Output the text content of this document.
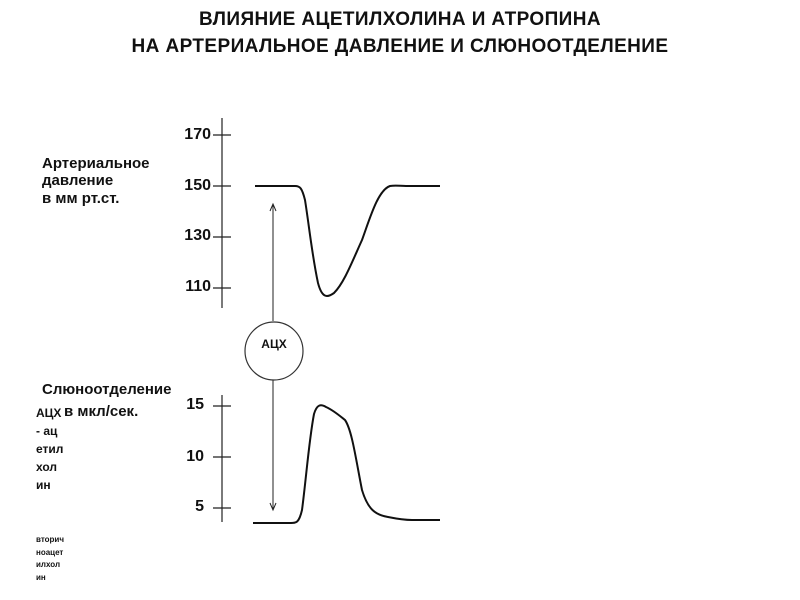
ВЛИЯНИЕ АЦЕТИЛХОЛИНА И АТРОПИНА
НА АРТЕРИАЛЬНОЕ ДАВЛЕНИЕ И СЛЮНООТДЕЛЕНИЕ
Артериальное
давление
в мм рт.ст.
170
150
130
110
Слюноотделение
в мкл/сек.	15
10
5
АЦХ
АЦХ - ацетилхолин
вторичноацетилхолин
